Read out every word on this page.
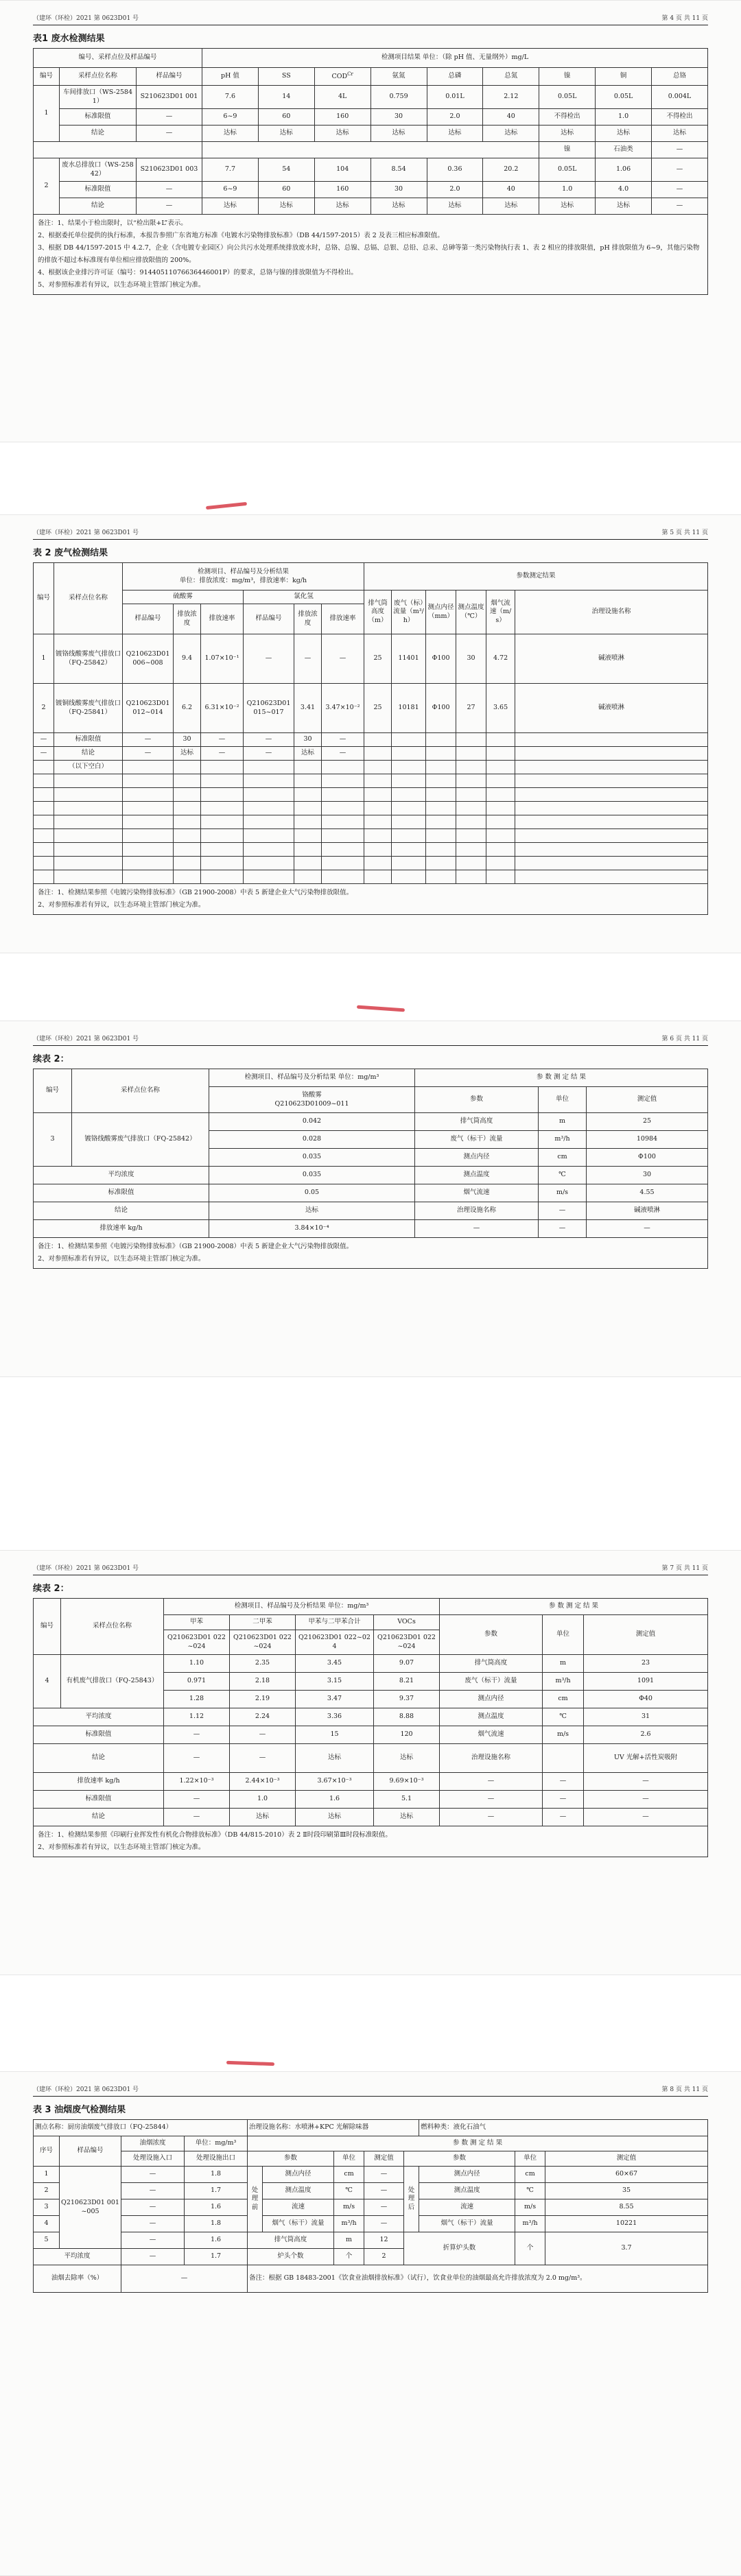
（建环（环检）2021 第 0623D01 号	第 4 页 共 11 页
表1 废水检测结果
编号、采样点位及样品编号			检测项目结果 单位：（除 pH 值、无量纲外）mg/L								
编号	采样点位名称	样品编号	pH 值	SS	$COD^{Cr}$	氨氮	总磷	总氮	镍	铜	总铬
1	车间排放口（WS-25841）	S210623D01 001	7.6	14	4L	0.759	0.01L	2.12	0.05L	0.05L	0.004L
	标准限值	—	6~9	60	160	30	2.0	40	不得检出	1.0	不得检出
	结论	—	达标	达标	达标	达标	达标	达标	达标	达标	达标
									镍	石油类	—
2	废水总排放口（WS-25842）	S210623D01 003	7.7	54	104	8.54	0.36	20.2	0.05L	1.06	—
	标准限值	—	6~9	60	160	30	2.0	40	1.0	4.0	—
	结论	—	达标	达标	达标	达标	达标	达标	达标	达标	—

备注：1、结果小于检出限时，以“检出限+L”表示。

2、根据委托单位提供的执行标准，本报告参照广东省地方标准《电镀水污染物排放标准》（DB 44/1597-2015）表 2 及表三相应标准限值。

3、根据 DB 44/1597-2015 中 4.2.7，企业（含电镀专业园区）向公共污水处理系统排放废水时，总铬、总镍、总镉、总银、总铅、总汞、总砷等第一类污染物执行表 1、表 2 相应的排放限值，pH 排放限值为 6~9，其他污染物的排放不超过本标准现有单位相应排放限值的 200%。

4、根据该企业排污许可证（编号：91440511076636446001P）的要求，总铬与镍的排放限值为不得检出。

5、对参照标准若有异议，以生态环境主管部门核定为准。											

（建环（环检）2021 第 0623D01 号	第 5 页 共 11 页
表 2 废气检测结果
编号	采样点位名称	检测项目、样品编号及分析结果
单位：排放浓度：mg/m³，排放速率：kg/h						参数测定结果					
		硫酸雾			氯化氢			排气筒高度（m）	废气（标）流量（m³/h）	测点内径（mm）	测点温度（℃）	烟气流速（m/s）	治理设施名称
		样品编号	排放浓度	排放速率	样品编号	排放浓度	排放速率						
1	镀铬线酸雾废气排放口（FQ-25842）	Q210623D01 006~008	9.4	1.07×10⁻¹	—	—	—	25	11401	Φ100	30	4.72	碱液喷淋
2	镀铜线酸雾废气排放口（FQ-25841）	Q210623D01 012~014	6.2	6.31×10⁻²	Q210623D01 015~017	3.41	3.47×10⁻²	25	10181	Φ100	27	3.65	碱液喷淋
—	标准限值	—	30	—	—	30	—						
—	结论	—	达标	—	—	达标	—						
	（以下空白）												

备注：1、检测结果参照《电镀污染物排放标准》（GB 21900-2008）中表 5 新建企业大气污染物排放限值。

2、对参照标准若有异议，以生态环境主管部门核定为准。													

（建环（环检）2021 第 0623D01 号	第 6 页 共 11 页
续表 2：
编号	采样点位名称	检测项目、样品编号及分析结果 单位：mg/m³	参 数 测 定 结 果		

		铬酸雾
Q210623D01009~011	参数	单位	测定值
3	镀铬线酸雾废气排放口（FQ-25842）	0.042	排气筒高度	m	25
		0.028	废气（标干）流量	m³/h	10984
		0.035	测点内径	cm	Φ100
平均浓度		0.035	测点温度	℃	30
标准限值		0.05	烟气流速	m/s	4.55
结论		达标	治理设施名称	—	碱液喷淋
排放速率 kg/h		3.84×10⁻⁴	—	—	—

备注：1、检测结果参照《电镀污染物排放标准》（GB 21900-2008）中表 5 新建企业大气污染物排放限值。

2、对参照标准若有异议，以生态环境主管部门核定为准。					

（建环（环检）2021 第 0623D01 号	第 7 页 共 11 页
续表 2：
编号	采样点位名称	检测项目、样品编号及分析结果 单位：mg/m³				参 数 测 定 结 果		
		甲苯	二甲苯	甲苯与二甲苯合计	VOCs	参数	单位	测定值
		Q210623D01 022~024	Q210623D01 022~024	Q210623D01 022~024	Q210623D01 022~024			
4	有机废气排放口（FQ-25843）	1.10	2.35	3.45	9.07	排气筒高度	m	23
		0.971	2.18	3.15	8.21	废气（标干）流量	m³/h	1091
		1.28	2.19	3.47	9.37	测点内径	cm	Φ40
平均浓度		1.12	2.24	3.36	8.88	测点温度	℃	31
标准限值		—	—	15	120	烟气流速	m/s	2.6
结论		—	—	达标	达标	治理设施名称		UV 光解+活性炭吸附
排放速率 kg/h		1.22×10⁻³	2.44×10⁻³	3.67×10⁻³	9.69×10⁻³	—	—	—
标准限值		—	1.0	1.6	5.1	—	—	—
结论		—	达标	达标	达标	—	—	—

备注：1、检测结果参照《印刷行业挥发性有机化合物排放标准》（DB 44/815-2010）表 2 Ⅱ时段印刷第Ⅲ时段标准限值。

2、对参照标准若有异议，以生态环境主管部门核定为准。								

（建环（环检）2021 第 0623D01 号	第 8 页 共 11 页
表 3 油烟废气检测结果
测点名称：厨房油烟废气排放口（FQ-25844）				治理设施名称：水喷淋+KPC 光解除味器					燃料种类：液化石油气		
序号	样品编号	油烟浓度	单位：mg/m³	参 数 测 定 结 果							
		处理设施入口	处理设施出口	参数		单位	测定值	参数		单位	测定值
1	Q210623D01 001~005	—	1.8	处理前	测点内径	cm	—	处理后	测点内径	cm	60×67
2		—	1.7		测点温度	℃	—		测点温度	℃	35
3		—	1.6		流速	m/s	—		流速	m/s	8.55
4		—	1.8		烟气（标干）流量	m³/h	—		烟气（标干）流量	m³/h	10221
5		—	1.6	排气筒高度		m	12	折算炉头数		个	3.7
平均浓度		—	1.7	炉头个数		个	2				
油烟去除率（%）		—		备注：根据 GB 18483-2001《饮食业油烟排放标准》（试行），饮食业单位的油烟最高允许排放浓度为 2.0 mg/m³。							
